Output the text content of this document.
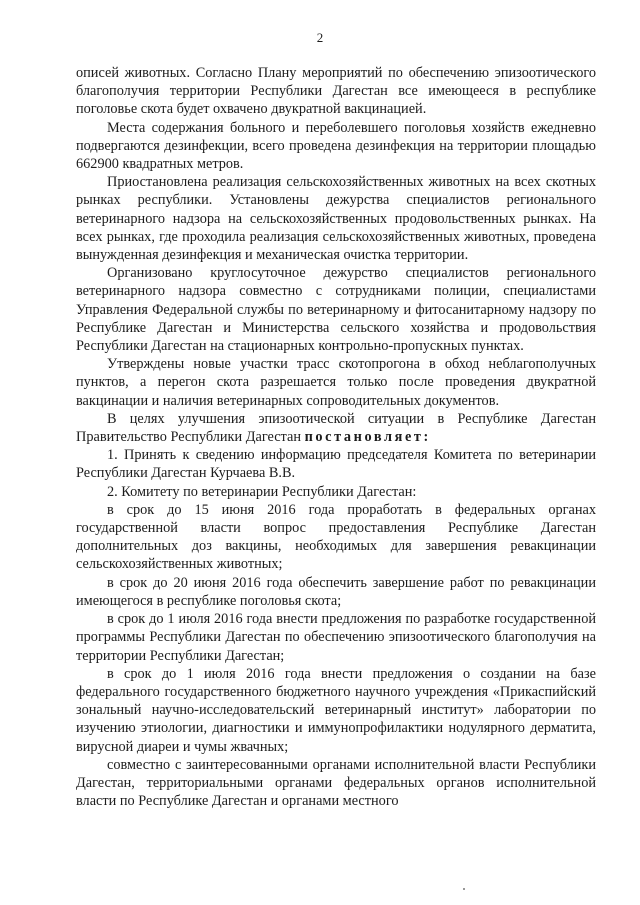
2

описей животных. Согласно Плану мероприятий по обеспечению эпизоотического благополучия территории Республики Дагестан все имеющееся в республике поголовье скота будет охвачено двукратной вакцинацией.

Места содержания больного и переболевшего поголовья хозяйств ежедневно подвергаются дезинфекции, всего проведена дезинфекция на территории площадью 662900 квадратных метров.

Приостановлена реализация сельскохозяйственных животных на всех скотных рынках республики. Установлены дежурства специалистов регионального ветеринарного надзора на сельскохозяйственных продовольственных рынках. На всех рынках, где проходила реализация сельскохозяйственных животных, проведена вынужденная дезинфекция и механическая очистка территории.

Организовано круглосуточное дежурство специалистов регионального ветеринарного надзора совместно с сотрудниками полиции, специалистами Управления Федеральной службы по ветеринарному и фитосанитарному надзору по Республике Дагестан и Министерства сельского хозяйства и продовольствия Республики Дагестан на стационарных контрольно-пропускных пунктах.

Утверждены новые участки трасс скотопрогона в обход неблагополучных пунктов, а перегон скота разрешается только после проведения двукратной вакцинации и наличия ветеринарных сопроводительных документов.

В целях улучшения эпизоотической ситуации в Республике Дагестан Правительство Республики Дагестан постановляет:

1. Принять к сведению информацию председателя Комитета по ветеринарии Республики Дагестан Курчаева В.В.

2. Комитету по ветеринарии Республики Дагестан:

в срок до 15 июня 2016 года проработать в федеральных органах государственной власти вопрос предоставления Республике Дагестан дополнительных доз вакцины, необходимых для завершения ревакцинации сельскохозяйственных животных;

в срок до 20 июня 2016 года обеспечить завершение работ по ревакцинации имеющегося в республике поголовья скота;

в срок до 1 июля 2016 года внести предложения по разработке государственной программы Республики Дагестан по обеспечению эпизоотического благополучия на территории Республики Дагестан;

в срок до 1 июля 2016 года внести предложения о создании на базе федерального государственного бюджетного научного учреждения «Прикаспийский зональный научно-исследовательский ветеринарный институт» лаборатории по изучению этиологии, диагностики и иммунопрофилактики нодулярного дерматита, вирусной диареи и чумы жвачных;

совместно с заинтересованными органами исполнительной власти Республики Дагестан, территориальными органами федеральных органов исполнительной власти по Республике Дагестан и органами местного
